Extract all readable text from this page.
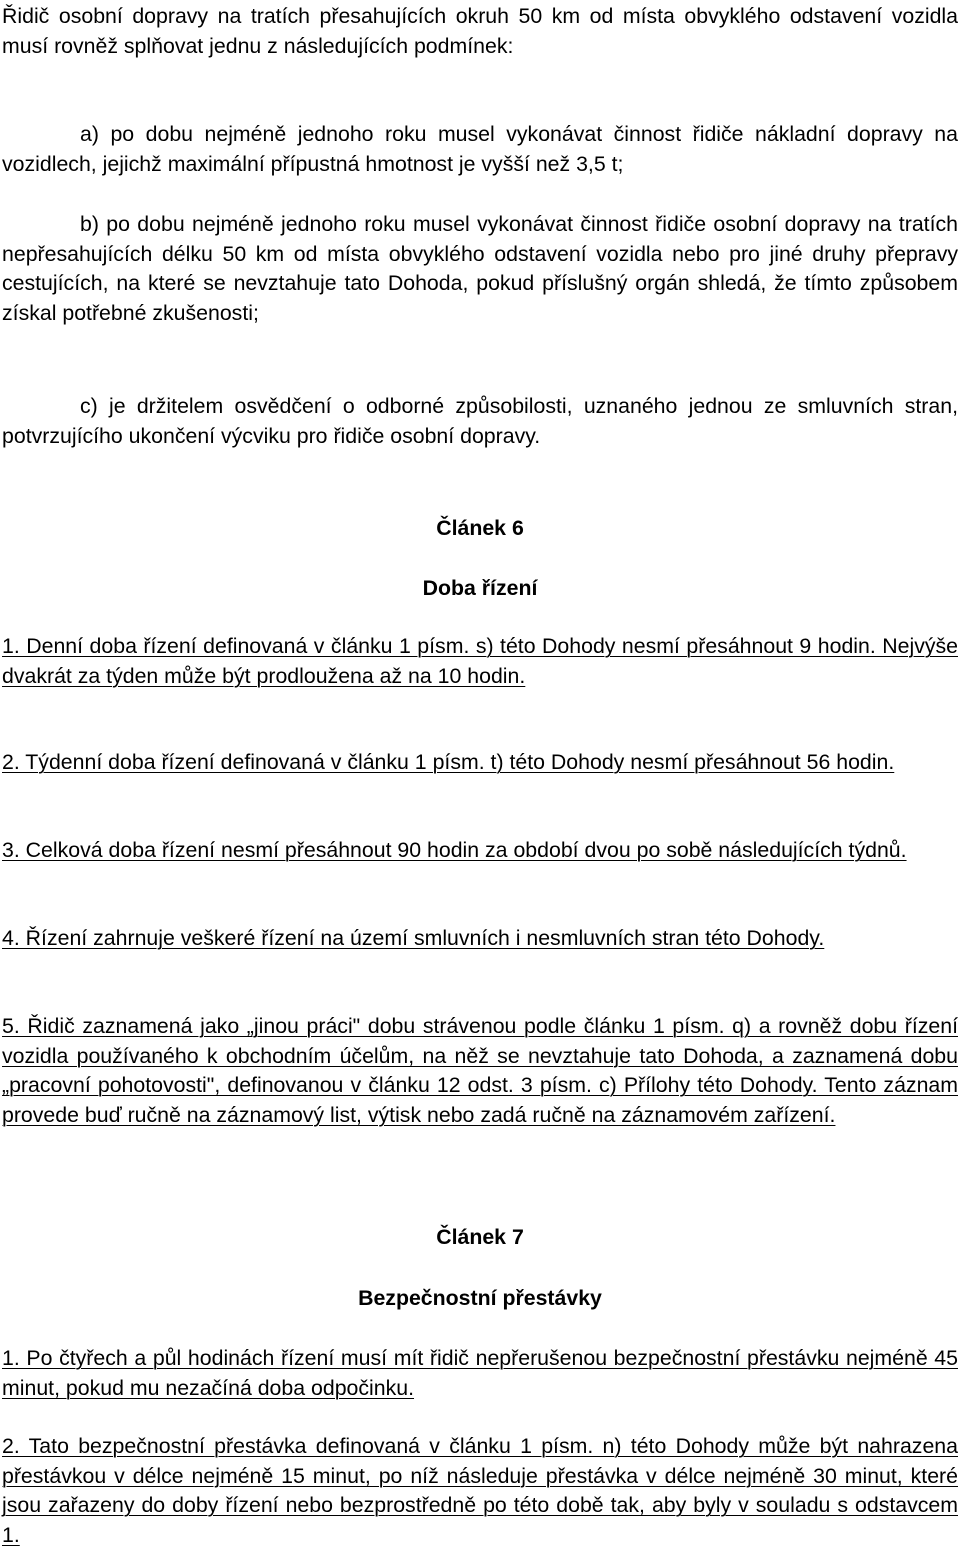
Řidič osobní dopravy na tratích přesahujících okruh 50 km od místa obvyklého odstavení vozidla musí rovněž splňovat jednu z následujících podmínek:

a) po dobu nejméně jednoho roku musel vykonávat činnost řidiče nákladní dopravy na vozidlech, jejichž maximální přípustná hmotnost je vyšší než 3,5 t;

b) po dobu nejméně jednoho roku musel vykonávat činnost řidiče osobní dopravy na tratích nepřesahujících délku 50 km od místa obvyklého odstavení vozidla nebo pro jiné druhy přepravy cestujících, na které se nevztahuje tato Dohoda, pokud příslušný orgán shledá, že tímto způsobem získal potřebné zkušenosti;

c) je držitelem osvědčení o odborné způsobilosti, uznaného jednou ze smluvních stran, potvrzujícího ukončení výcviku pro řidiče osobní dopravy.

Článek 6
Doba řízení

1. Denní doba řízení definovaná v článku 1 písm. s) této Dohody nesmí přesáhnout 9 hodin. Nejvýše dvakrát za týden může být prodloužena až na 10 hodin.

2. Týdenní doba řízení definovaná v článku 1 písm. t) této Dohody nesmí přesáhnout 56 hodin.

3. Celková doba řízení nesmí přesáhnout 90 hodin za období dvou po sobě následujících týdnů.

4. Řízení zahrnuje veškeré řízení na území smluvních i nesmluvních stran této Dohody.

5. Řidič zaznamená jako „jinou práci" dobu strávenou podle článku 1 písm. q) a rovněž dobu řízení vozidla používaného k obchodním účelům, na něž se nevztahuje tato Dohoda, a zaznamená dobu „pracovní pohotovosti", definovanou v článku 12 odst. 3 písm. c) Přílohy této Dohody. Tento záznam provede buď ručně na záznamový list, výtisk nebo zadá ručně na záznamovém zařízení.

Článek 7
Bezpečnostní přestávky

1. Po čtyřech a půl hodinách řízení musí mít řidič nepřerušenou bezpečnostní přestávku nejméně 45 minut, pokud mu nezačíná doba odpočinku.

2. Tato bezpečnostní přestávka definovaná v článku 1 písm. n) této Dohody může být nahrazena přestávkou v délce nejméně 15 minut, po níž následuje přestávka v délce nejméně 30 minut, které jsou zařazeny do doby řízení nebo bezprostředně po této době tak, aby byly v souladu s odstavcem 1.
